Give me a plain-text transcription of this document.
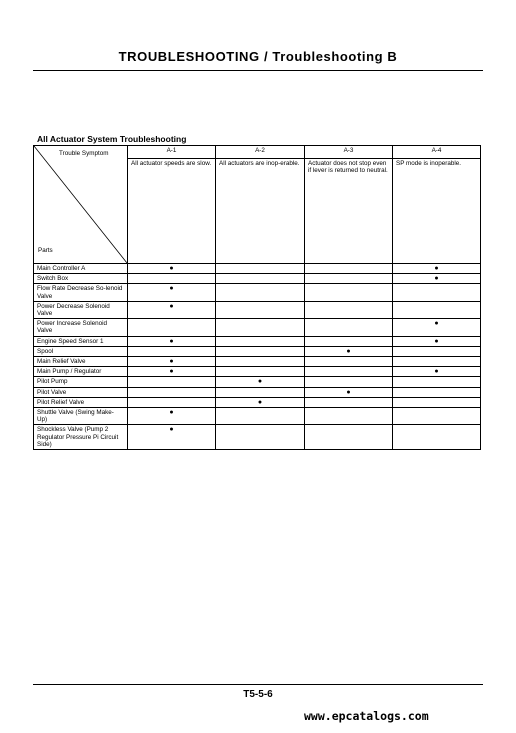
TROUBLESHOOTING / Troubleshooting B
All Actuator System Troubleshooting
Trouble Symptom
Parts	A-1	A-2	A-3	A-4
	All actuator speeds are slow.	All actuators are inop-erable.	Actuator does not stop even if lever is returned to neutral.	SP mode is inoperable.
Main Controller A	●			●
Switch Box				●
Flow Rate Decrease So-lenoid Valve	●			
Power Decrease Solenoid Valve	●			
Power Increase Solenoid Valve				●
Engine Speed Sensor 1	●			●
Spool			●	
Main Relief Valve	●			
Main Pump / Regulator	●			●
Pilot Pump		●		
Pilot Valve			●	
Pilot Relief Valve		●		
Shuttle Valve (Swing Make-Up)	●			
Shockless Valve (Pump 2 Regulator Pressure Pi Circuit Side)	●			
T5-5-6
www.epcatalogs.com
